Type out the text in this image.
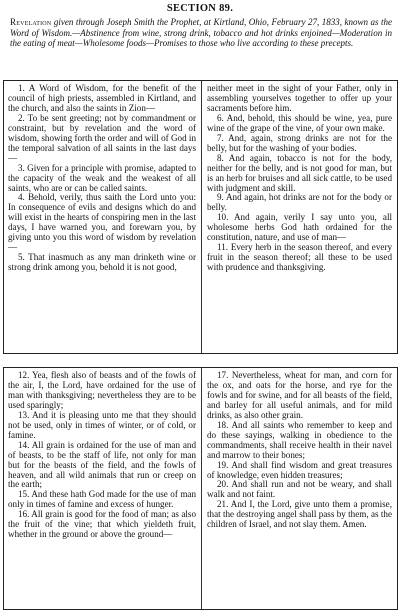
SECTION 89.
Revelation given through Joseph Smith the Prophet, at Kirtland, Ohio, February 27, 1833, known as the Word of Wisdom.—Abstinence from wine, strong drink, tobacco and hot drinks enjoined—Moderation in the eating of meat—Wholesome foods—Promises to those who live according to these precepts.

1. A Word of Wisdom, for the benefit of the council of high priests, assembled in Kirtland, and the church, and also the saints in Zion—

2. To be sent greeting; not by commandment or constraint, but by revelation and the word of wisdom, showing forth the order and will of God in the temporal salvation of all saints in the last days—

3. Given for a principle with promise, adapted to the capacity of the weak and the weakest of all saints, who are or can be called saints.

4. Behold, verily, thus saith the Lord unto you: In consequence of evils and designs which do and will exist in the hearts of conspiring men in the last days, I have warned you, and forewarn you, by giving unto you this word of wisdom by revelation—

5. That inasmuch as any man drinketh wine or strong drink among you, behold it is not good,

neither meet in the sight of your Father, only in assembling yourselves together to offer up your sacraments before him.

6. And, behold, this should be wine, yea, pure wine of the grape of the vine, of your own make.

7. And, again, strong drinks are not for the belly, but for the washing of your bodies.

8. And again, tobacco is not for the body, neither for the belly, and is not good for man, but is an herb for bruises and all sick cattle, to be used with judgment and skill.

9. And again, hot drinks are not for the body or belly.

10. And again, verily I say unto you, all wholesome herbs God hath ordained for the constitution, nature, and use of man—

11. Every herb in the season thereof, and every fruit in the season thereof; all these to be used with prudence and thanksgiving.

12. Yea, flesh also of beasts and of the fowls of the air, I, the Lord, have ordained for the use of man with thanksgiving; nevertheless they are to be used sparingly;

13. And it is pleasing unto me that they should not be used, only in times of winter, or of cold, or famine.

14. All grain is ordained for the use of man and of beasts, to be the staff of life, not only for man but for the beasts of the field, and the fowls of heaven, and all wild animals that run or creep on the earth;

15. And these hath God made for the use of man only in times of famine and excess of hunger.

16. All grain is good for the food of man; as also the fruit of the vine; that which yieldeth fruit, whether in the ground or above the ground—

17. Nevertheless, wheat for man, and corn for the ox, and oats for the horse, and rye for the fowls and for swine, and for all beasts of the field, and barley for all useful animals, and for mild drinks, as also other grain.

18. And all saints who remember to keep and do these sayings, walking in obedience to the commandments, shall receive health in their navel and marrow to their bones;

19. And shall find wisdom and great treasures of knowledge, even hidden treasures;

20. And shall run and not be weary, and shall walk and not faint.

21. And I, the Lord, give unto them a promise, that the destroying angel shall pass by them, as the children of Israel, and not slay them. Amen.
